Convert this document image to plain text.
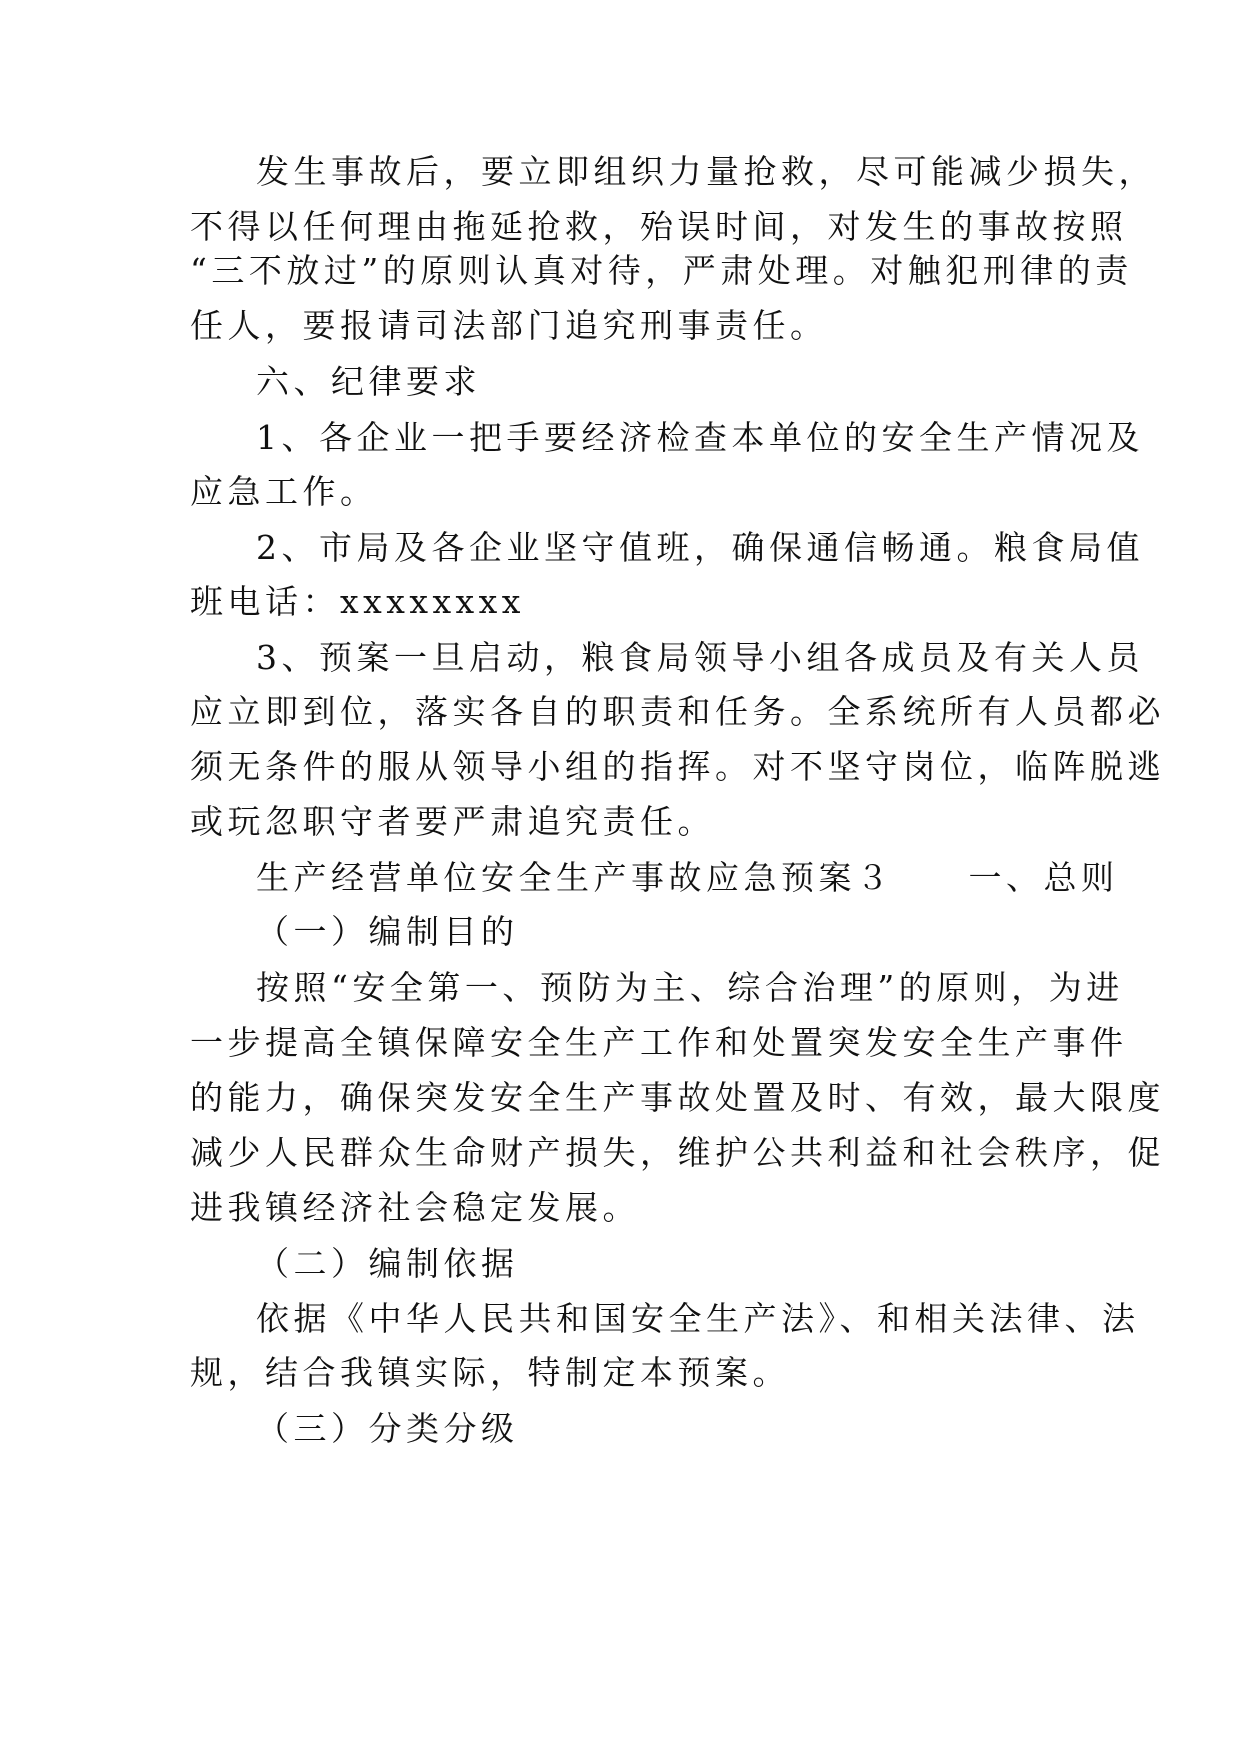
发生事故后，要立即组织力量抢救，尽可能减少损失，

不得以任何理由拖延抢救，殆误时间，对发生的事故按照

“三不放过”的原则认真对待，严肃处理。对触犯刑律的责

任人，要报请司法部门追究刑事责任。

六、纪律要求

1、各企业一把手要经济检查本单位的安全生产情况及

应急工作。

2、市局及各企业坚守值班，确保通信畅通。粮食局值

班电话：xxxxxxxx

3、预案一旦启动，粮食局领导小组各成员及有关人员

应立即到位，落实各自的职责和任务。全系统所有人员都必

须无条件的服从领导小组的指挥。对不坚守岗位，临阵脱逃

或玩忽职守者要严肃追究责任。

生产经营单位安全生产事故应急预案３　　一、总则

（一）编制目的

按照“安全第一、预防为主、综合治理”的原则，为进

一步提高全镇保障安全生产工作和处置突发安全生产事件

的能力，确保突发安全生产事故处置及时、有效，最大限度

减少人民群众生命财产损失，维护公共利益和社会秩序，促

进我镇经济社会稳定发展。

（二）编制依据

依据《中华人民共和国安全生产法》、和相关法律、法

规，结合我镇实际，特制定本预案。

（三）分类分级
